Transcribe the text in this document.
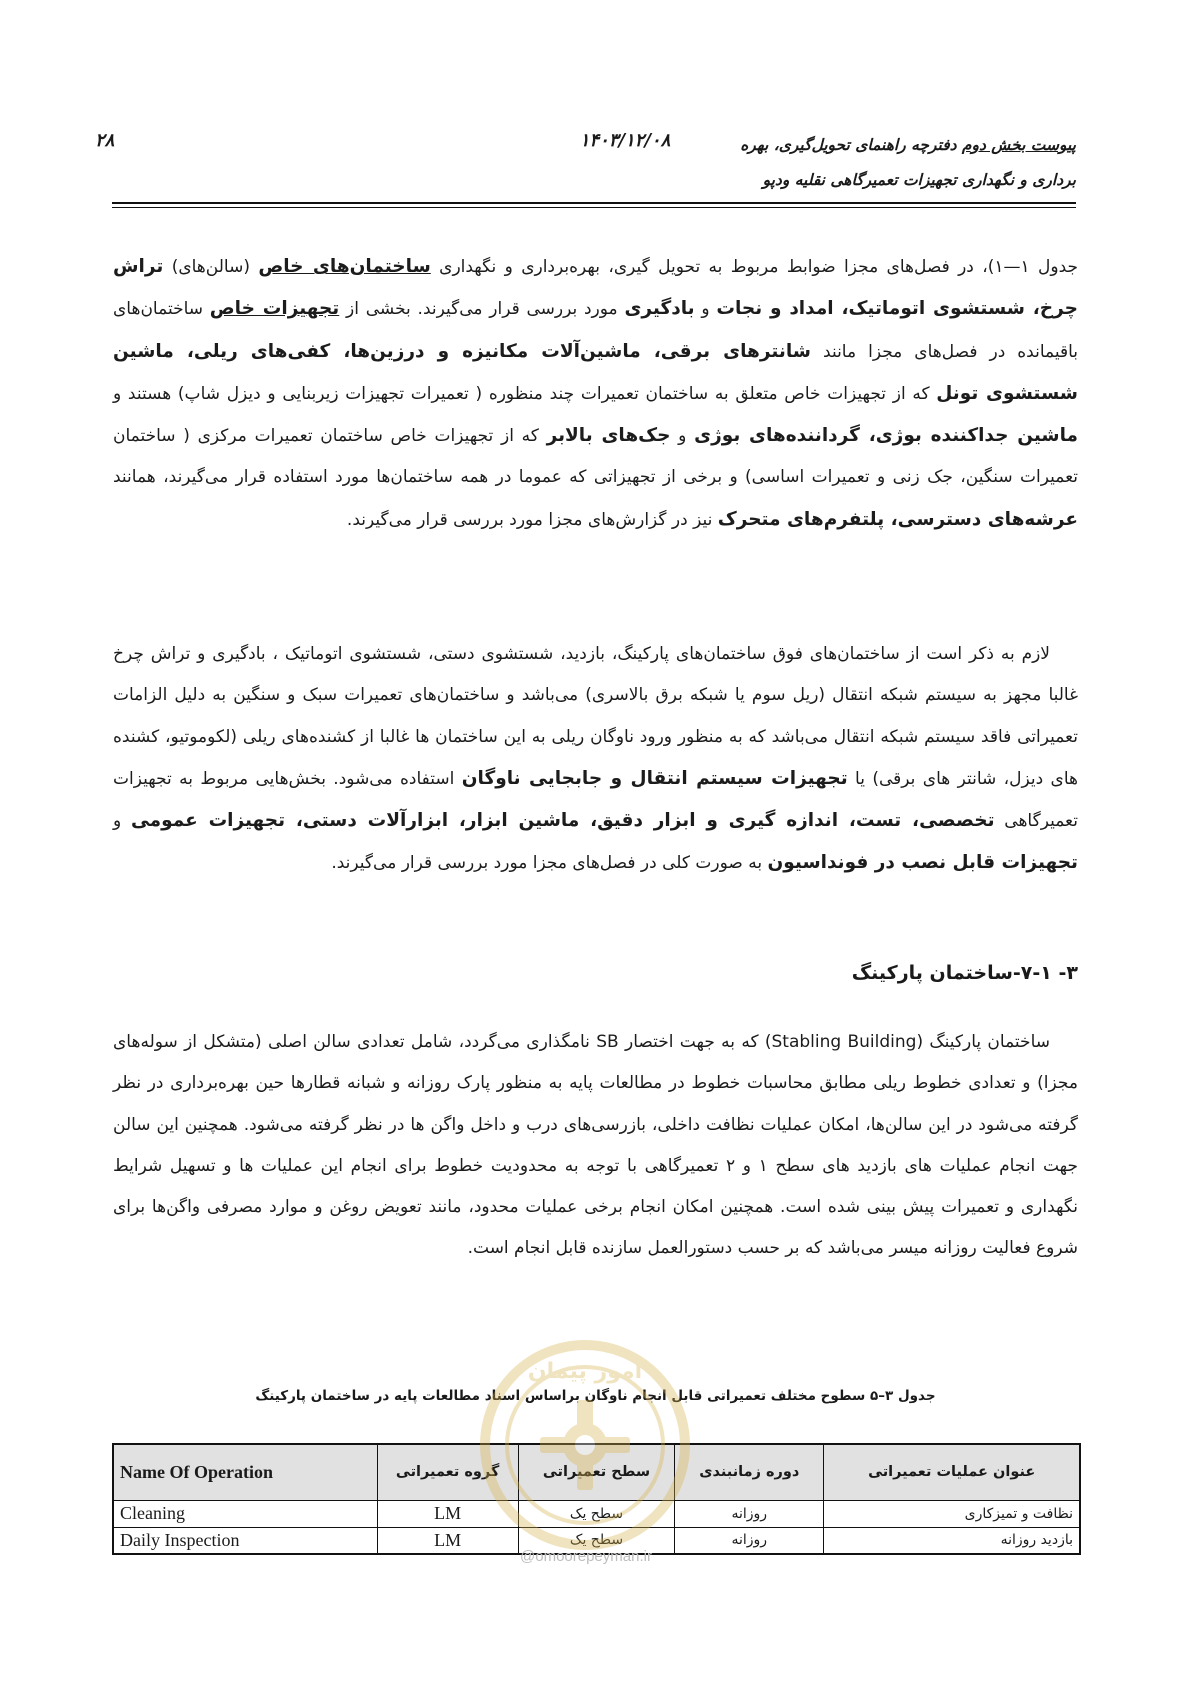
۲۸	۱۴۰۳/۱۲/۰۸	پیوست بخش دوم دفترچه راهنمای تحویل‌گیری، بهره
برداری و نگهداری تجهیزات تعمیرگاهی نقلیه ودپو
جدول ۱—۱)، در فصل‌های مجزا ضوابط مربوط به تحویل گیری، بهره‌برداری و نگهداری ساختمان‌های خاص (سالن‌های) تراش چرخ، شستشوی اتوماتیک، امداد و نجات و بادگیری مورد بررسی قرار می‌گیرند. بخشی از تجهیزات خاص ساختمان‌های باقیمانده در فصل‌های مجزا مانند شانترهای برقی، ماشین‌آلات مکانیزه و درزین‌ها، کفی‌های ریلی، ماشین شستشوی تونل که از تجهیزات خاص متعلق به ساختمان تعمیرات چند منظوره ( تعمیرات تجهیزات زیربنایی و دیزل شاپ) هستند و ماشین جداکننده بوژی، گرداننده‌های بوژی و جک‌های بالابر که از تجهیزات خاص ساختمان تعمیرات مرکزی ( ساختمان تعمیرات سنگین، جک زنی و تعمیرات اساسی) و برخی از تجهیزاتی که عموما در همه ساختمان‌ها مورد استفاده قرار می‌گیرند، همانند عرشه‌های دسترسی، پلتفرم‌های متحرک نیز در گزارش‌های مجزا مورد بررسی قرار می‌گیرند.
لازم به ذکر است از ساختمان‌های فوق ساختمان‌های پارکینگ، بازدید، شستشوی دستی، شستشوی اتوماتیک ، بادگیری و تراش چرخ غالبا مجهز به سیستم شبکه انتقال (ریل سوم یا شبکه برق بالاسری) می‌باشد و ساختمان‌های تعمیرات سبک و سنگین به دلیل الزامات تعمیراتی فاقد سیستم شبکه انتقال می‌باشد که به منظور ورود ناوگان ریلی به این ساختمان ها غالبا از کشنده‌های ریلی (لکوموتیو، کشنده های دیزل، شانتر های برقی) یا تجهیزات سیستم انتقال و جابجایی ناوگان استفاده می‌شود. بخش‌هایی مربوط به تجهیزات تعمیرگاهی تخصصی، تست، اندازه گیری و ابزار دقیق، ماشین ابزار، ابزارآلات دستی، تجهیزات عمومی و تجهیزات قابل نصب در فونداسیون به صورت کلی در فصل‌های مجزا مورد بررسی قرار می‌گیرند.
۳- ۷-۱-ساختمان پارکینگ
ساختمان پارکینگ (Stabling Building) که به جهت اختصار SB نامگذاری می‌گردد، شامل تعدادی سالن اصلی (متشکل از سوله‌های مجزا) و تعدادی خطوط ریلی مطابق محاسبات خطوط در مطالعات پایه به منظور پارک روزانه و شبانه قطارها حین بهره‌برداری در نظر گرفته می‌شود در این سالن‌ها، امکان عملیات نظافت داخلی، بازرسی‌های درب و داخل واگن ها در نظر گرفته می‌شود. همچنین این سالن جهت انجام عملیات های بازدید های سطح ۱ و ۲ تعمیرگاهی با توجه به محدودیت خطوط برای انجام این عملیات ها و تسهیل شرایط نگهداری و تعمیرات پیش بینی شده است. همچنین امکان انجام برخی عملیات محدود، مانند تعویض روغن و موارد مصرفی واگن‌ها برای شروع فعالیت روزانه میسر می‌باشد که بر حسب دستورالعمل سازنده قابل انجام است.
جدول ۳–۵ سطوح مختلف تعمیراتی قابل انجام ناوگان براساس اسناد مطالعات پایه در ساختمان پارکینگ
Name Of Operation	گروه تعمیراتی	سطح تعمیراتی	دوره زمانبندی	عنوان عملیات تعمیراتی
Cleaning	LM	سطح یک	روزانه	نظافت و تمیزکاری
Daily Inspection	LM	سطح یک	روزانه	بازدید روزانه
امور پیمان
@omoorepeyman.ir
